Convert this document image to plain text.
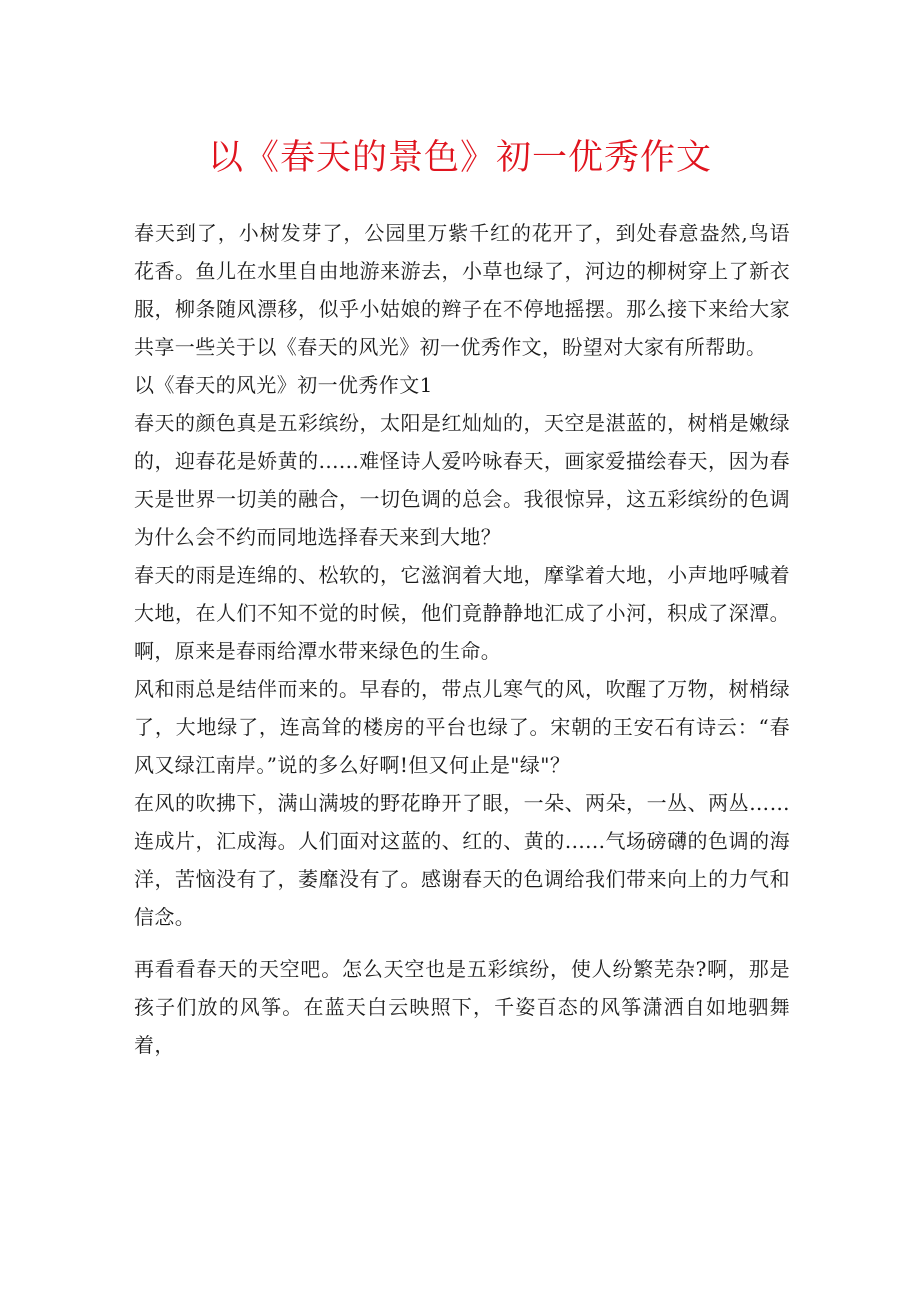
以《春天的景色》初一优秀作文

春天到了，小树发芽了，公园里万紫千红的花开了，到处春意盎然,鸟语花香。鱼儿在水里自由地游来游去，小草也绿了，河边的柳树穿上了新衣服，柳条随风漂移，似乎小姑娘的辫子在不停地摇摆。那么接下来给大家共享一些关于以《春天的风光》初一优秀作文，盼望对大家有所帮助。

以《春天的风光》初一优秀作文1

春天的颜色真是五彩缤纷，太阳是红灿灿的，天空是湛蓝的，树梢是嫩绿的，迎春花是娇黄的......难怪诗人爱吟咏春天，画家爱描绘春天，因为春天是世界一切美的融合，一切色调的总会。我很惊异，这五彩缤纷的色调为什么会不约而同地选择春天来到大地？

春天的雨是连绵的、松软的，它滋润着大地，摩挲着大地，小声地呼喊着大地，在人们不知不觉的时候，他们竟静静地汇成了小河，积成了深潭。啊，原来是春雨给潭水带来绿色的生命。

风和雨总是结伴而来的。早春的，带点儿寒气的风，吹醒了万物，树梢绿了，大地绿了，连高耸的楼房的平台也绿了。宋朝的王安石有诗云：“春风又绿江南岸。”说的多么好啊!但又何止是"绿"？

在风的吹拂下，满山满坡的野花睁开了眼，一朵、两朵，一丛、两丛……连成片，汇成海。人们面对这蓝的、红的、黄的......气场磅礴的色调的海洋，苦恼没有了，萎靡没有了。感谢春天的色调给我们带来向上的力气和信念。

再看看春天的天空吧。怎么天空也是五彩缤纷，使人纷繁芜杂?啊，那是孩子们放的风筝。在蓝天白云映照下，千姿百态的风筝潇洒自如地驷舞着，
